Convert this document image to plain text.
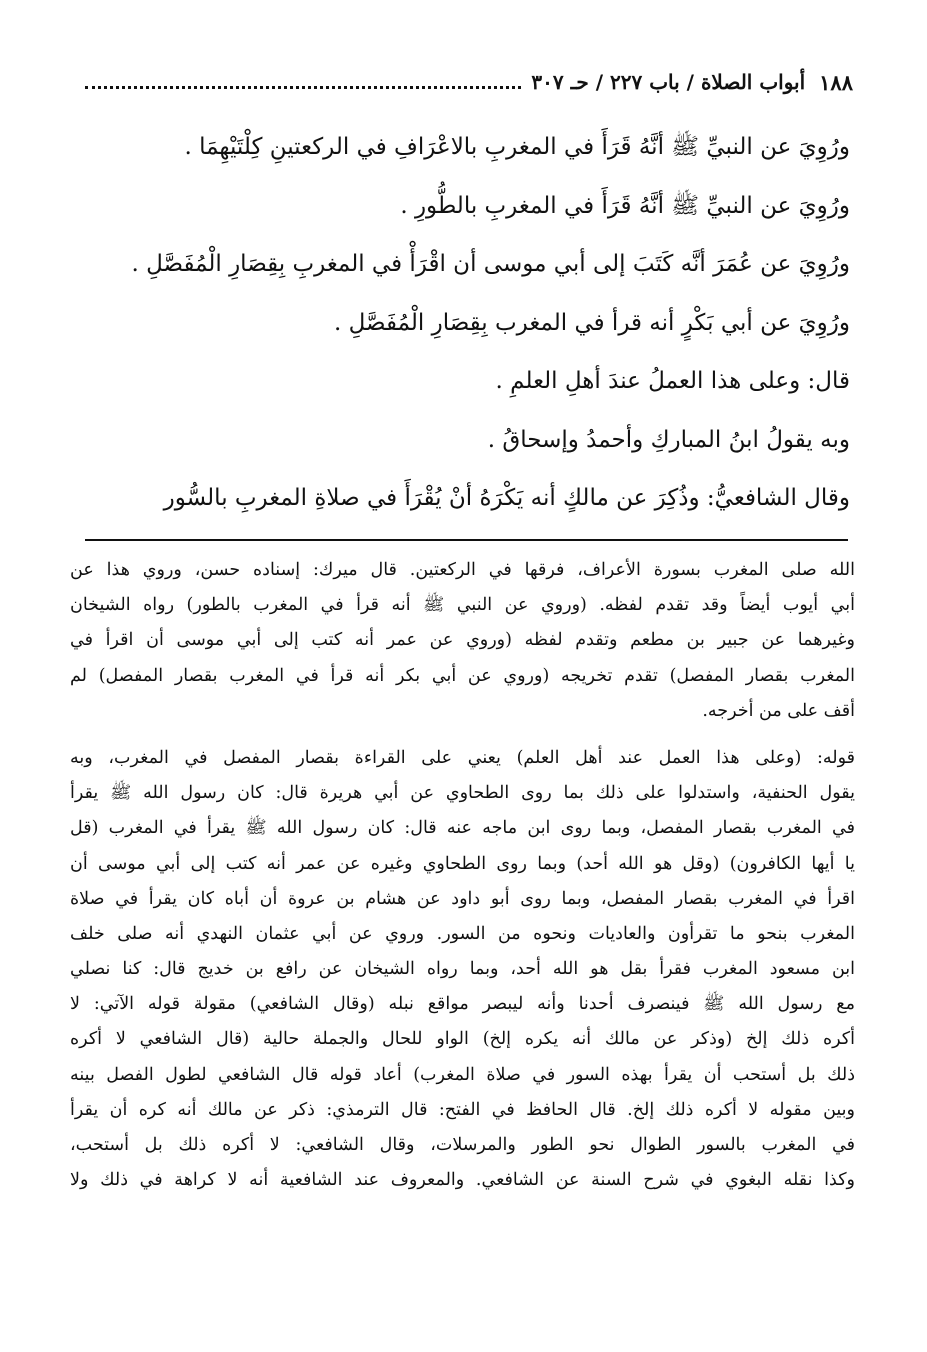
١٨٨
أبواب الصلاة / باب ٢٢٧ / حـ ٣٠٧
ورُوِيَ عن النبيِّ ﷺ أنَّهُ قَرَأَ في المغربِ بالاعْرَافِ في الركعتينِ كِلْتَيْهِمَا .
ورُوِيَ عن النبيِّ ﷺ أنَّهُ قَرَأَ في المغربِ بالطُّورِ .
ورُوِيَ عن عُمَرَ أنَّه كَتَبَ إلى أبي موسى أن اقْرَأْ في المغربِ بِقِصَارِ الْمُفَصَّلِ .
ورُوِيَ عن أبي بَكْرٍ أنه قرأ في المغرب بِقِصَارِ الْمُفَصَّلِ .
قال: وعلى هذا العملُ عندَ أهلِ العلمِ .
وبه يقولُ ابنُ المباركِ وأحمدُ وإسحاقُ .
وقال الشافعيُّ: وذُكِرَ عن مالكٍ أنه يَكْرَهُ أنْ يُقْرَأَ في صلاةِ المغربِ بالسُّور
الله صلى المغرب بسورة الأعراف، فرقها في الركعتين. قال ميرك: إسناده حسن، وروي هذا عن
أبي أيوب أيضاً وقد تقدم لفظه. (وروي عن النبي ﷺ أنه قرأ في المغرب بالطور) رواه الشيخان
وغيرهما عن جبير بن مطعم وتقدم لفظه (وروي عن عمر أنه كتب إلى أبي موسى أن اقرأ في
المغرب بقصار المفصل) تقدم تخريجه (وروي عن أبي بكر أنه قرأ في المغرب بقصار المفصل) لم
أقف على من أخرجه.
قوله: (وعلى هذا العمل عند أهل العلم) يعني على القراءة بقصار المفصل في المغرب، وبه
يقول الحنفية، واستدلوا على ذلك بما روى الطحاوي عن أبي هريرة قال: كان رسول الله ﷺ يقرأ
في المغرب بقصار المفصل، وبما روى ابن ماجه عنه قال: كان رسول الله ﷺ يقرأ في المغرب (قل
يا أيها الكافرون) (وقل هو الله أحد) وبما روى الطحاوي وغيره عن عمر أنه كتب إلى أبي موسى أن
اقرأ في المغرب بقصار المفصل، وبما روى أبو داود عن هشام بن عروة أن أباه كان يقرأ في صلاة
المغرب بنحو ما تقرأون والعاديات ونحوه من السور. وروي عن أبي عثمان النهدي أنه صلى خلف
ابن مسعود المغرب فقرأ بقل هو الله أحد، وبما رواه الشيخان عن رافع بن خديج قال: كنا نصلي
مع رسول الله ﷺ فينصرف أحدنا وأنه ليبصر مواقع نبله (وقال الشافعي) مقولة قوله الآتي: لا
أكره ذلك إلخ (وذكر عن مالك أنه يكره إلخ) الواو للحال والجملة حالية (قال الشافعي لا أكره
ذلك بل أستحب أن يقرأ بهذه السور في صلاة المغرب) أعاد قوله قال الشافعي لطول الفصل بينه
وبين مقوله لا أكره ذلك إلخ. قال الحافظ في الفتح: قال الترمذي: ذكر عن مالك أنه كره أن يقرأ
في المغرب بالسور الطوال نحو الطور والمرسلات، وقال الشافعي: لا أكره ذلك بل أستحب،
وكذا نقله البغوي في شرح السنة عن الشافعي. والمعروف عند الشافعية أنه لا كراهة في ذلك ولا
